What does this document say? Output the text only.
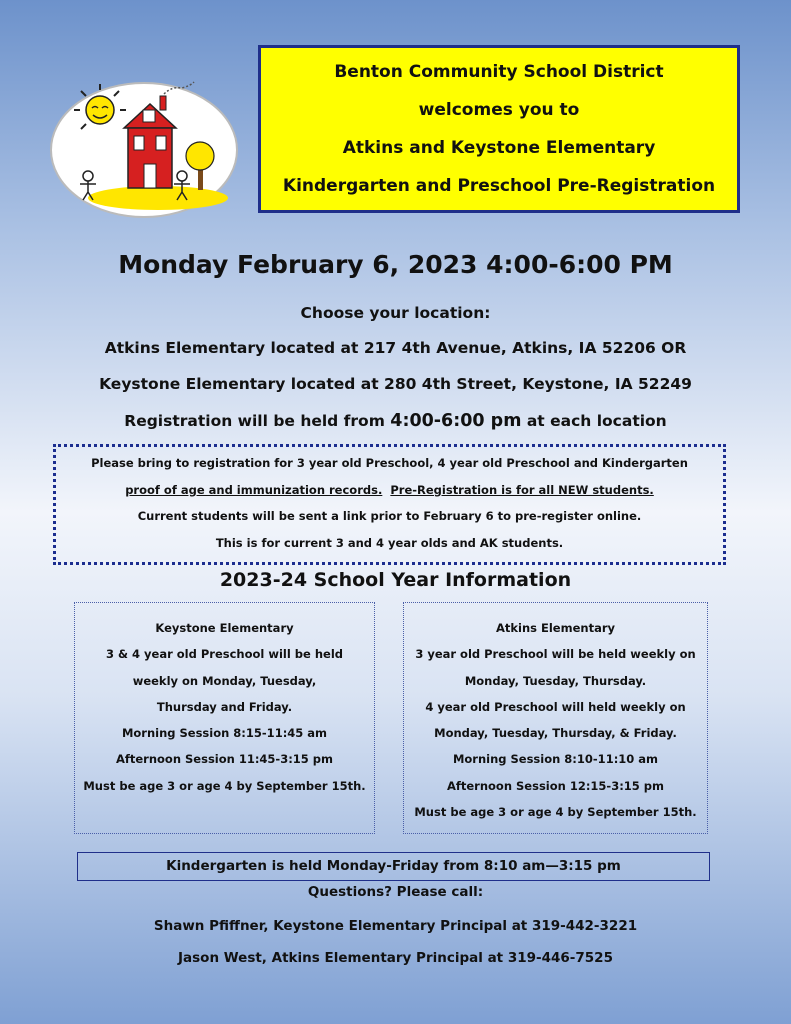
Benton Community School District
welcomes you to
Atkins and Keystone Elementary
Kindergarten and Preschool Pre-Registration
Monday February 6, 2023 4:00-6:00 PM
Choose your location:
Atkins Elementary located at 217 4th Avenue, Atkins, IA 52206 OR
Keystone Elementary located at 280 4th Street, Keystone, IA 52249
Registration will be held from 4:00-6:00 pm at each location
Please bring to registration for 3 year old Preschool, 4 year old Preschool and Kindergarten
proof of age and immunization records. Pre-Registration is for all NEW students.
Current students will be sent a link prior to February 6 to pre-register online.
This is for current 3 and 4 year olds and AK students.
2023-24 School Year Information
Keystone Elementary
3 & 4 year old Preschool will be held
weekly on Monday, Tuesday,
Thursday and Friday.
Morning Session 8:15-11:45 am
Afternoon Session 11:45-3:15 pm
Must be age 3 or age 4 by September 15th.
Atkins Elementary
3 year old Preschool will be held weekly on
Monday, Tuesday, Thursday.
4 year old Preschool will held weekly on
Monday, Tuesday, Thursday, & Friday.
Morning Session 8:10-11:10 am
Afternoon Session 12:15-3:15 pm
Must be age 3 or age 4 by September 15th.
Kindergarten is held Monday-Friday from 8:10 am—3:15 pm
Questions? Please call:
Shawn Pfiffner, Keystone Elementary Principal at 319-442-3221
Jason West, Atkins Elementary Principal at 319-446-7525
